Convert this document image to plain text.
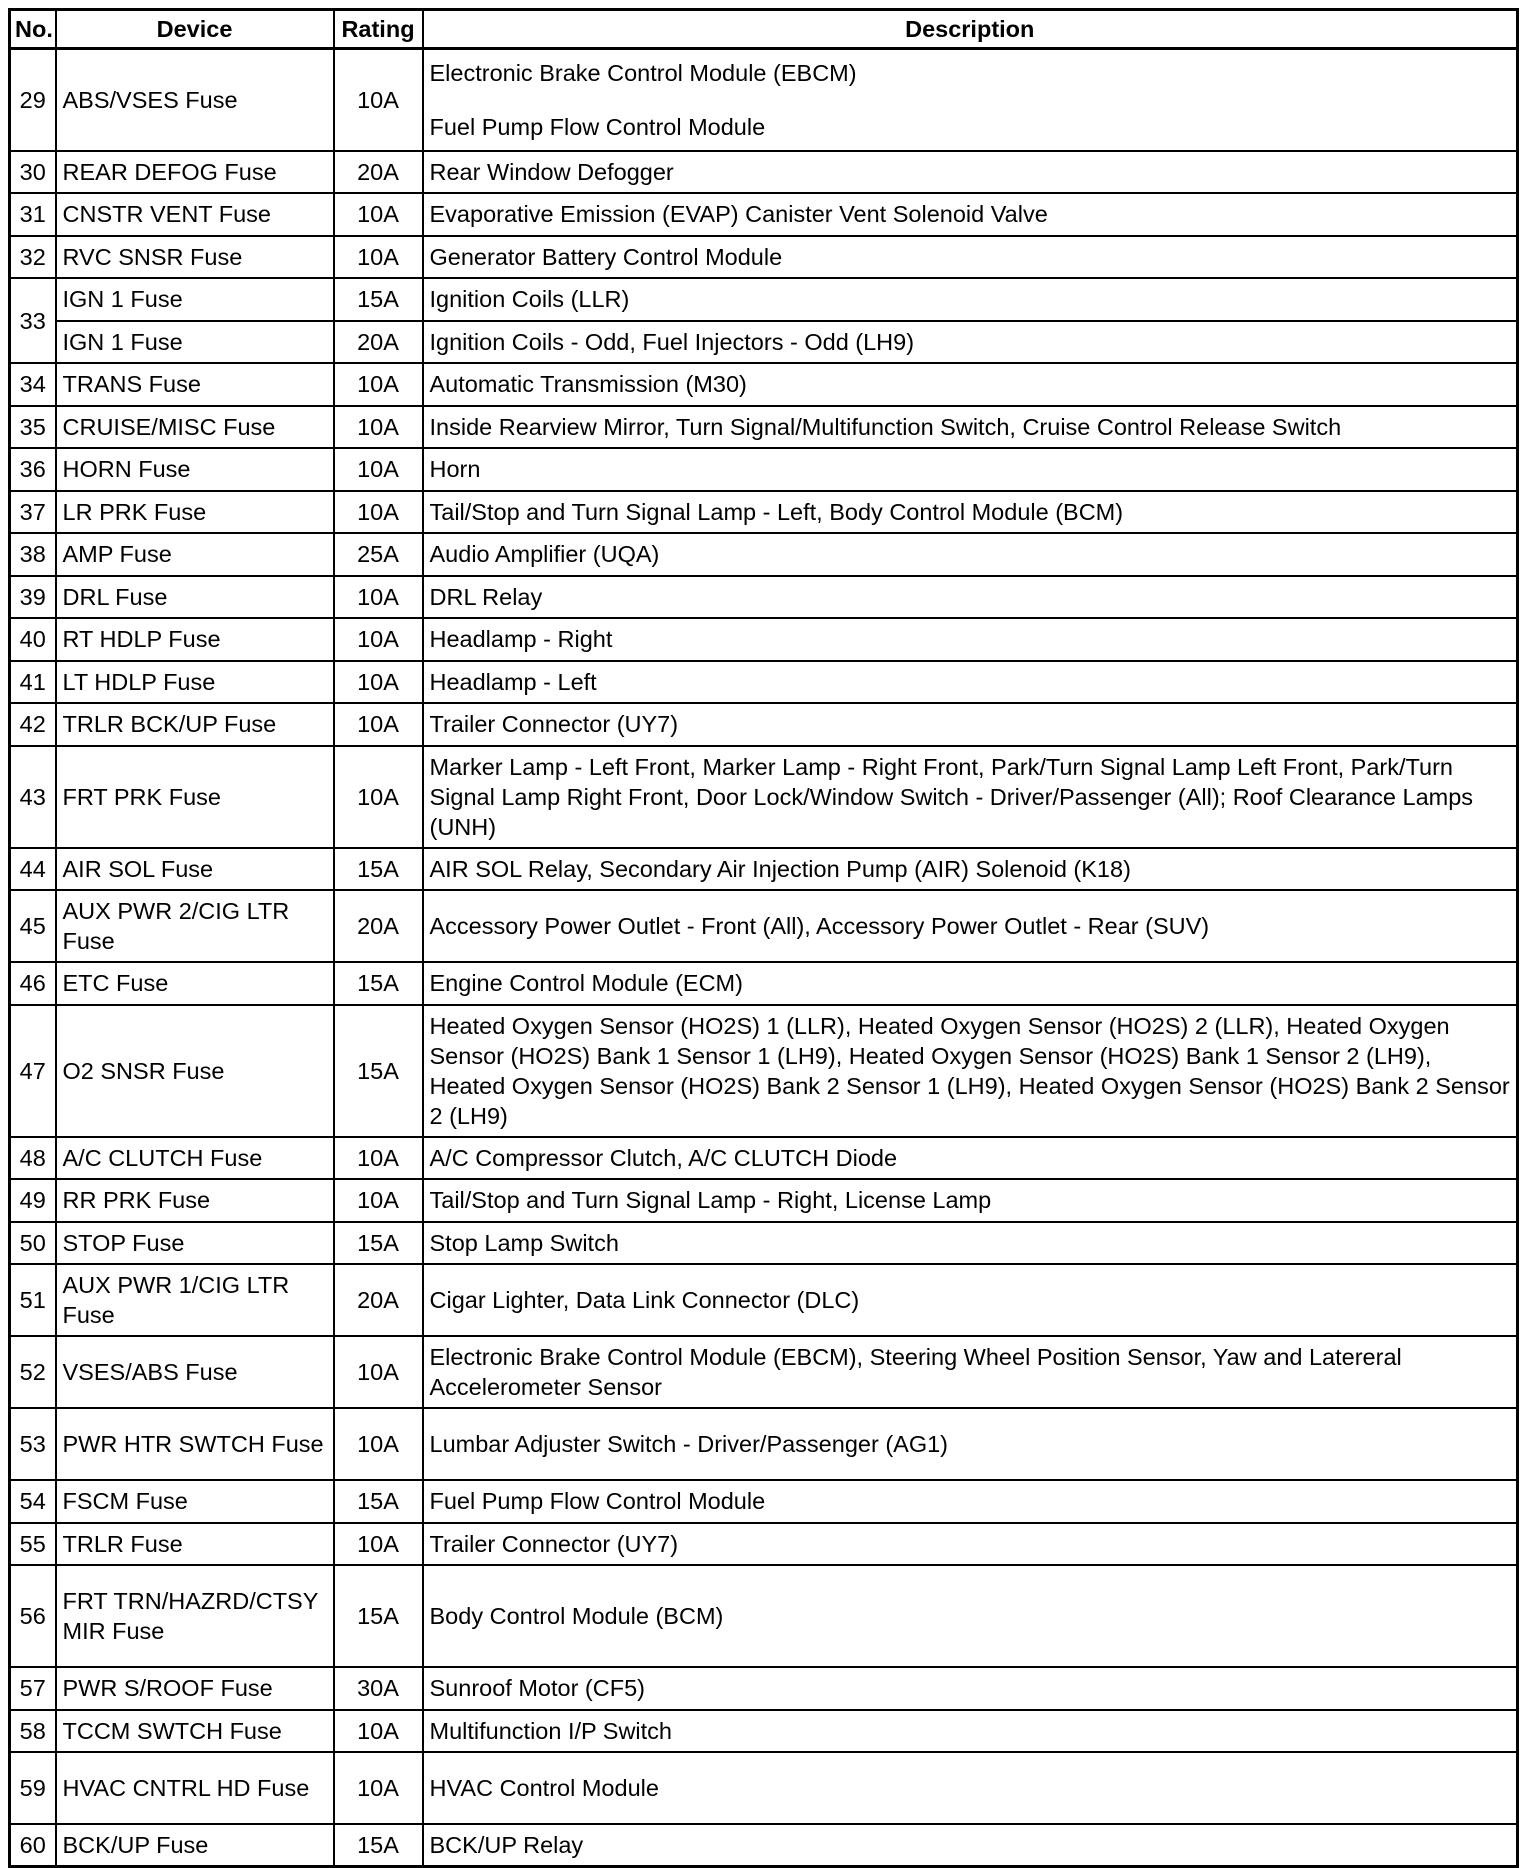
No.	Device	Rating	Description
29	ABS/VSES Fuse	10A	Electronic Brake Control Module (EBCM)
Fuel Pump Flow Control Module

30	REAR DEFOG Fuse	20A	Rear Window Defogger

31	CNSTR VENT Fuse	10A	Evaporative Emission (EVAP) Canister Vent Solenoid Valve

32	RVC SNSR Fuse	10A	Generator Battery Control Module

33	IGN 1 Fuse	15A	Ignition Coils (LLR)

	IGN 1 Fuse	20A	Ignition Coils - Odd, Fuel Injectors - Odd (LH9)

34	TRANS Fuse	10A	Automatic Transmission (M30)

35	CRUISE/MISC Fuse	10A	Inside Rearview Mirror, Turn Signal/Multifunction Switch, Cruise Control Release Switch

36	HORN Fuse	10A	Horn

37	LR PRK Fuse	10A	Tail/Stop and Turn Signal Lamp - Left, Body Control Module (BCM)

38	AMP Fuse	25A	Audio Amplifier (UQA)

39	DRL Fuse	10A	DRL Relay

40	RT HDLP Fuse	10A	Headlamp - Right

41	LT HDLP Fuse	10A	Headlamp - Left

42	TRLR BCK/UP Fuse	10A	Trailer Connector (UY7)

43	FRT PRK Fuse	10A	Marker Lamp - Left Front, Marker Lamp - Right Front, Park/Turn Signal Lamp Left Front, Park/Turn Signal Lamp Right Front, Door Lock/Window Switch - Driver/Passenger (All); Roof Clearance Lamps (UNH)

44	AIR SOL Fuse	15A	AIR SOL Relay, Secondary Air Injection Pump (AIR) Solenoid (K18)

45	AUX PWR 2/CIG LTR Fuse	20A	Accessory Power Outlet - Front (All), Accessory Power Outlet - Rear (SUV)

46	ETC Fuse	15A	Engine Control Module (ECM)

47	O2 SNSR Fuse	15A	Heated Oxygen Sensor (HO2S) 1 (LLR), Heated Oxygen Sensor (HO2S) 2 (LLR), Heated Oxygen Sensor (HO2S) Bank 1 Sensor 1 (LH9), Heated Oxygen Sensor (HO2S) Bank 1 Sensor 2 (LH9), Heated Oxygen Sensor (HO2S) Bank 2 Sensor 1 (LH9), Heated Oxygen Sensor (HO2S) Bank 2 Sensor 2 (LH9)

48	A/C CLUTCH Fuse	10A	A/C Compressor Clutch, A/C CLUTCH Diode

49	RR PRK Fuse	10A	Tail/Stop and Turn Signal Lamp - Right, License Lamp

50	STOP Fuse	15A	Stop Lamp Switch

51	AUX PWR 1/CIG LTR Fuse	20A	Cigar Lighter, Data Link Connector (DLC)

52	VSES/ABS Fuse	10A	Electronic Brake Control Module (EBCM), Steering Wheel Position Sensor, Yaw and Latereral Accelerometer Sensor

53	PWR HTR SWTCH Fuse	10A	Lumbar Adjuster Switch - Driver/Passenger (AG1)

54	FSCM Fuse	15A	Fuel Pump Flow Control Module

55	TRLR Fuse	10A	Trailer Connector (UY7)

56	FRT TRN/HAZRD/CTSY MIR Fuse	15A	Body Control Module (BCM)

57	PWR S/ROOF Fuse	30A	Sunroof Motor (CF5)

58	TCCM SWTCH Fuse	10A	Multifunction I/P Switch

59	HVAC CNTRL HD Fuse	10A	HVAC Control Module

60	BCK/UP Fuse	15A	BCK/UP Relay
